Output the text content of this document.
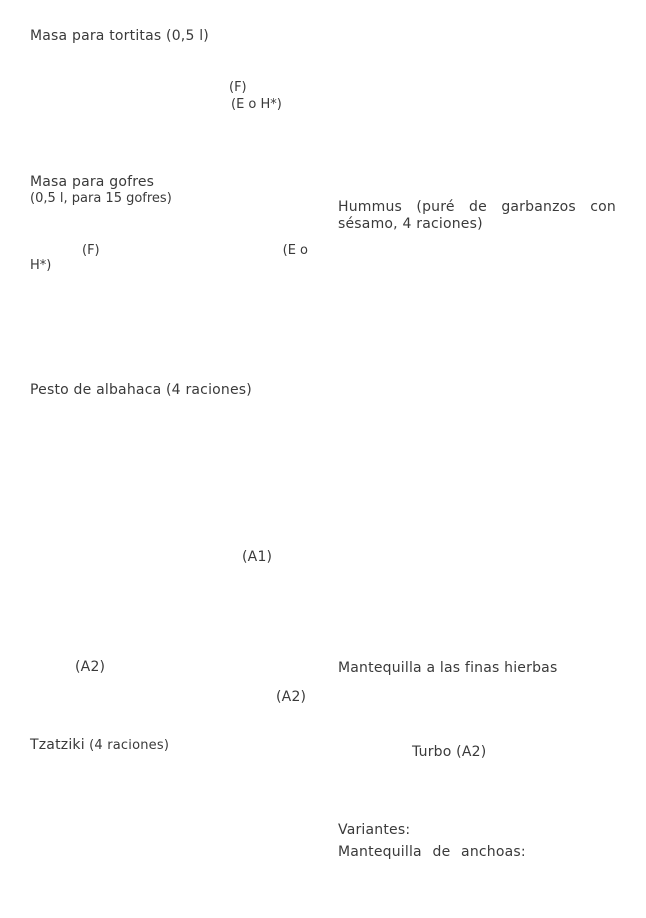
Masa para tortitas (0,5 l)
(F)
(E o H*)
Masa para gofres
(0,5 l, para 15 gofres)
(F)	(E o
H*)
Pesto de albahaca (4 raciones)
(A1)
(A2)
(A2)
Tzatziki (4 raciones)
Hummus (puré de garbanzos con sésamo, 4 raciones)
Mantequilla a las finas hierbas
Turbo (A2)
Variantes:
Mantequilla de anchoas:
